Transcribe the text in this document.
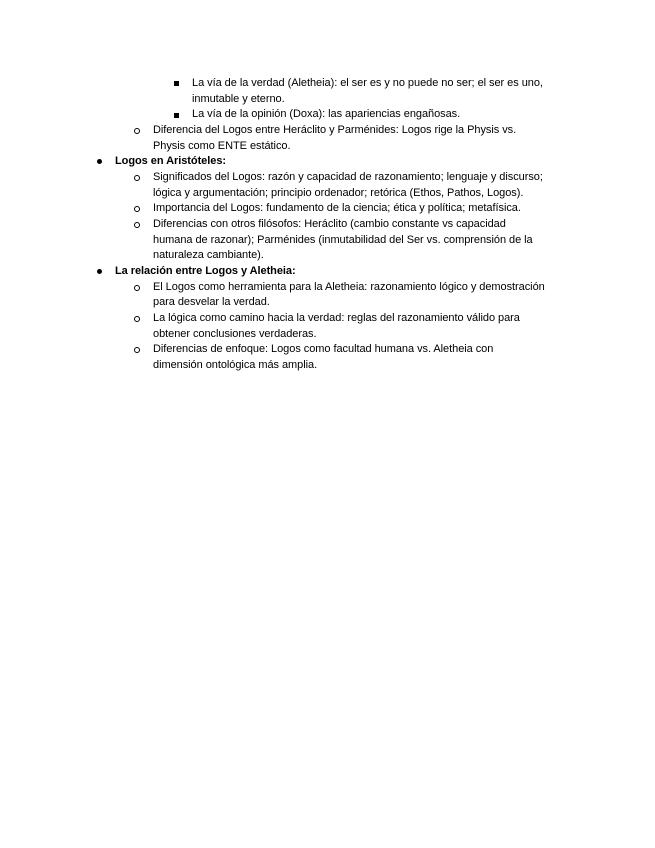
La vía de la verdad (Aletheia): el ser es y no puede no ser; el ser es uno,
inmutable y eterno.
La vía de la opinión (Doxa): las apariencias engañosas.
Diferencia del Logos entre Heráclito y Parménides: Logos rige la Physis vs.
Physis como ENTE estático.
Logos en Aristóteles:
Significados del Logos: razón y capacidad de razonamiento; lenguaje y discurso;
lógica y argumentación; principio ordenador; retórica (Ethos, Pathos, Logos).
Importancia del Logos: fundamento de la ciencia; ética y política; metafísica.
Diferencias con otros filósofos: Heráclito (cambio constante vs capacidad
humana de razonar); Parménides (inmutabilidad del Ser vs. comprensión de la
naturaleza cambiante).
La relación entre Logos y Aletheia:
El Logos como herramienta para la Aletheia: razonamiento lógico y demostración
para desvelar la verdad.
La lógica como camino hacia la verdad: reglas del razonamiento válido para
obtener conclusiones verdaderas.
Diferencias de enfoque: Logos como facultad humana vs. Aletheia con
dimensión ontológica más amplia.
